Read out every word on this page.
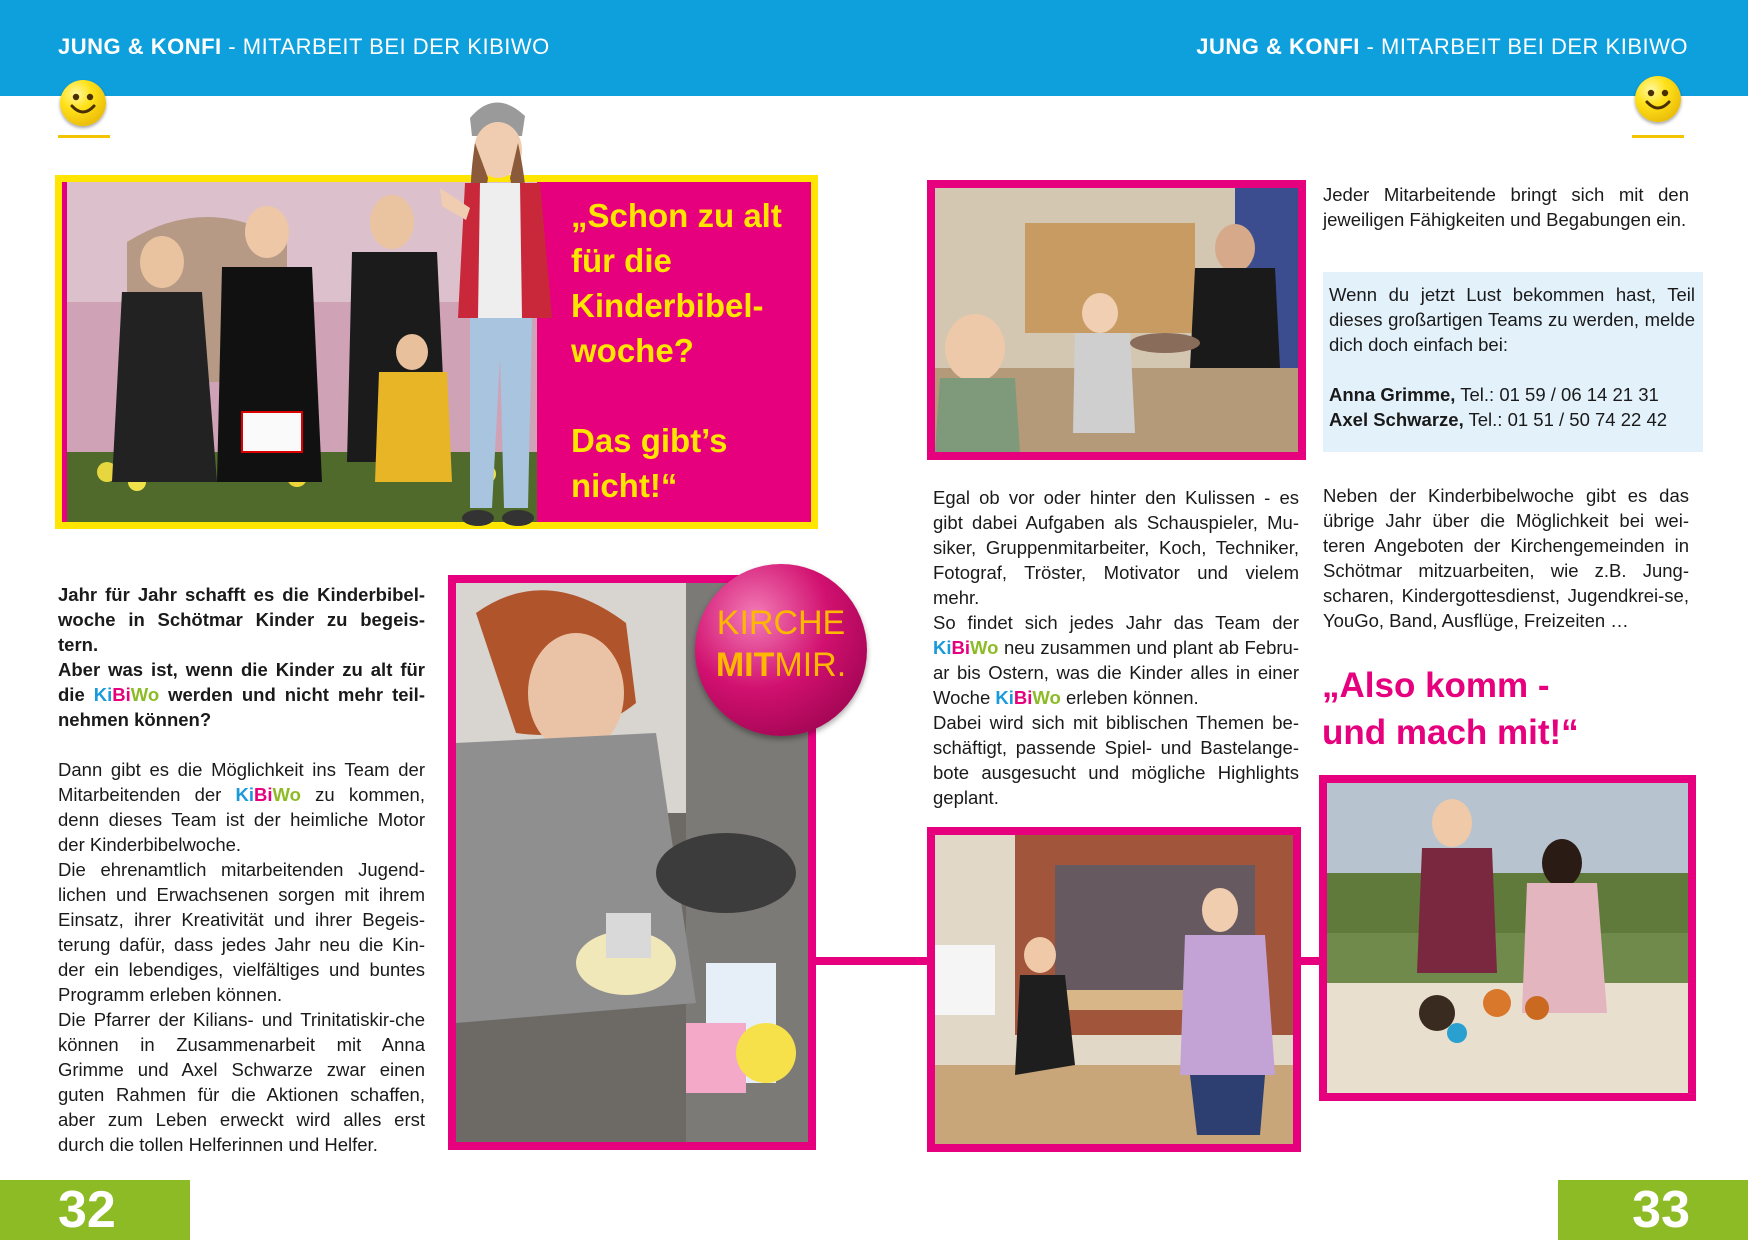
JUNG & KONFI - MITARBEIT BEI DER KIBIWO	JUNG & KONFI - MITARBEIT BEI DER KIBIWO
„Schon zu alt
für die
Kinderbibel-
woche?
Das gibt’s
nicht!“

Jahr für Jahr schafft es die Kinderbibel-woche in Schötmar Kinder zu begeis-tern.

Aber was ist, wenn die Kinder zu alt für die KiBiWo werden und nicht mehr teil-nehmen können?

Dann gibt es die Möglichkeit ins Team der Mitarbeitenden der KiBiWo zu kommen, denn dieses Team ist der heimliche Motor der Kinderbibelwoche.

Die ehrenamtlich mitarbeitenden Jugend-lichen und Erwachsenen sorgen mit ihrem Einsatz, ihrer Kreativität und ihrer Begeis-terung dafür, dass jedes Jahr neu die Kin-der ein lebendiges, vielfältiges und buntes Programm erleben können.

Die Pfarrer der Kilians- und Trinitatiskir-che können in Zusammenarbeit mit Anna Grimme und Axel Schwarze zwar einen guten Rahmen für die Aktionen schaffen, aber zum Leben erweckt wird alles erst durch die tollen Helferinnen und Helfer.

KIRCHE
MITMIR.

Egal ob vor oder hinter den Kulissen - es gibt dabei Aufgaben als Schauspieler, Mu-siker, Gruppenmitarbeiter, Koch, Techniker, Fotograf, Tröster, Motivator und vielem mehr.

So findet sich jedes Jahr das Team der KiBiWo neu zusammen und plant ab Febru-ar bis Ostern, was die Kinder alles in einer Woche KiBiWo erleben können.

Dabei wird sich mit biblischen Themen be-schäftigt, passende Spiel- und Bastelange-bote ausgesucht und mögliche Highlights geplant.

Jeder Mitarbeitende bringt sich mit den jeweiligen Fähigkeiten und Begabungen ein.

Wenn du jetzt Lust bekommen hast, Teil dieses großartigen Teams zu werden, melde dich doch einfach bei:

Anna Grimme, Tel.: 01 59 / 06 14 21 31

Axel Schwarze, Tel.: 01 51 / 50 74 22 42

Neben der Kinderbibelwoche gibt es das übrige Jahr über die Möglichkeit bei wei-teren Angeboten der Kirchengemeinden in Schötmar mitzuarbeiten, wie z.B. Jung-scharen, Kindergottesdienst, Jugendkrei-se, YouGo, Band, Ausflüge, Freizeiten …

„Also komm -
und mach mit!“
32	33
